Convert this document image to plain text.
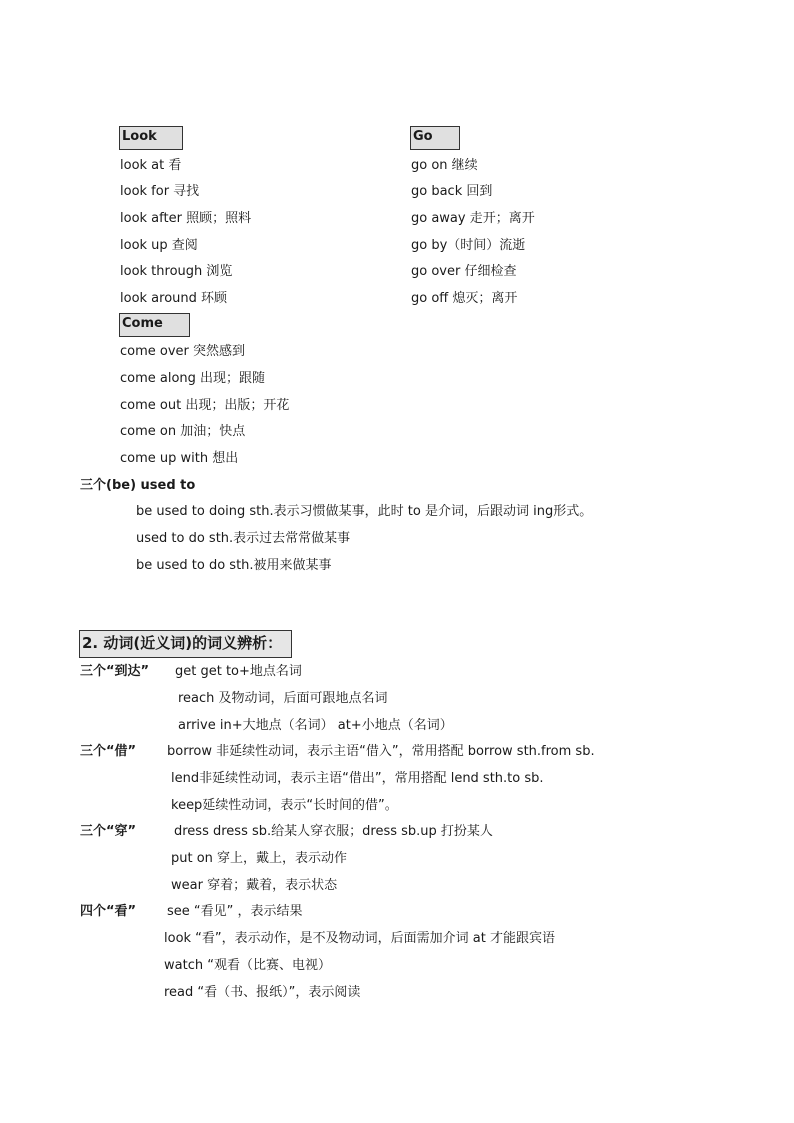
Look	Go
look at 看
look for 寻找
look after 照顾；照料
look up 查阅
look through 浏览
look around 环顾
go on 继续
go back 回到
go away 走开；离开
go by（时间）流逝
go over 仔细检查
go off 熄灭；离开
Come
come over 突然感到
come along 出现；跟随
come out 出现；出版；开花
come on 加油；快点
come up with 想出
三个(be) used to
be used to doing sth.表示习惯做某事，此时 to 是介词，后跟动词 ing形式。
used to do sth.表示过去常常做某事
be used to do sth.被用来做某事
2. 动词(近义词)的词义辨析：
三个“到达” get get to+地点名词
reach 及物动词，后面可跟地点名词
arrive in+大地点（名词） at+小地点（名词）
三个“借” borrow 非延续性动词，表示主语“借入”，常用搭配 borrow sth.from sb.
lend非延续性动词，表示主语“借出”，常用搭配 lend sth.to sb.
keep延续性动词，表示“长时间的借”。
三个“穿”	dress dress sb.给某人穿衣服；dress sb.up 打扮某人
put on 穿上，戴上，表示动作
wear 穿着；戴着，表示状态
四个“看” see “看见” ，表示结果
look “看”，表示动作，是不及物动词，后面需加介词 at 才能跟宾语
watch “观看（比赛、电视）
read “看（书、报纸）”，表示阅读
